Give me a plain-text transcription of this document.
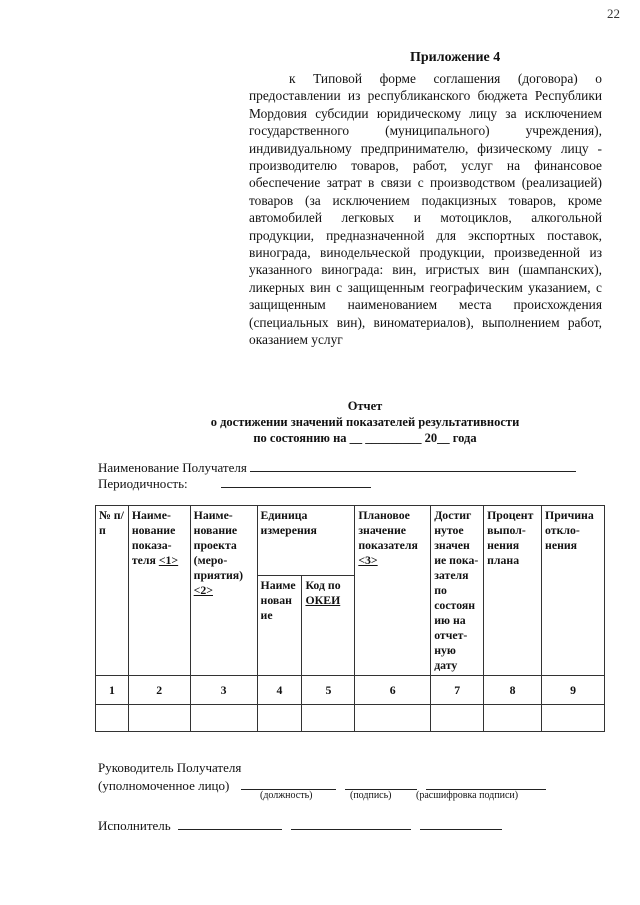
22
Приложение 4
к Типовой форме соглашения (договора) о предоставлении из республиканского бюджета Республики Мордовия субсидии юридическому лицу за исключением государственного (муниципального) учреждения), индивидуальному предпринимателю, физическому лицу - производителю товаров, работ, услуг на финансовое обеспечение затрат в связи с производством (реализацией) товаров (за исключением подакцизных товаров, кроме автомобилей легковых и мотоциклов, алкогольной продукции, предназначенной для экспортных поставок, винограда, винодельческой продукции, произведенной из указанного винограда: вин, игристых вин (шампанских), ликерных вин с защищенным географическим указанием, с защищенным наименованием места происхождения (специальных вин), виноматериалов), выполнением работ, оказанием услуг
Отчет
о достижении значений показателей результативности
по состоянию на __ _________ 20__ года
Наименование Получателя
Периодичность:
№ п/п	Наиме-нование показа-теля <1>	Наиме-нование проекта (меро-приятия) <2>	Единица измерения		Плановое значение показателя <3>	Достиг нутое значен ие пока-зателя по состоян ию на отчет-ную дату	Процент выпол-нения плана	Причина откло-нения
			Наиме нован ие	Код по ОКЕИ				
1	2	3	4	5	6	7	8	9

Руководитель Получателя
(уполномоченное лицо)
(должность)	(подпись) (расшифровка подписи)
Исполнитель
